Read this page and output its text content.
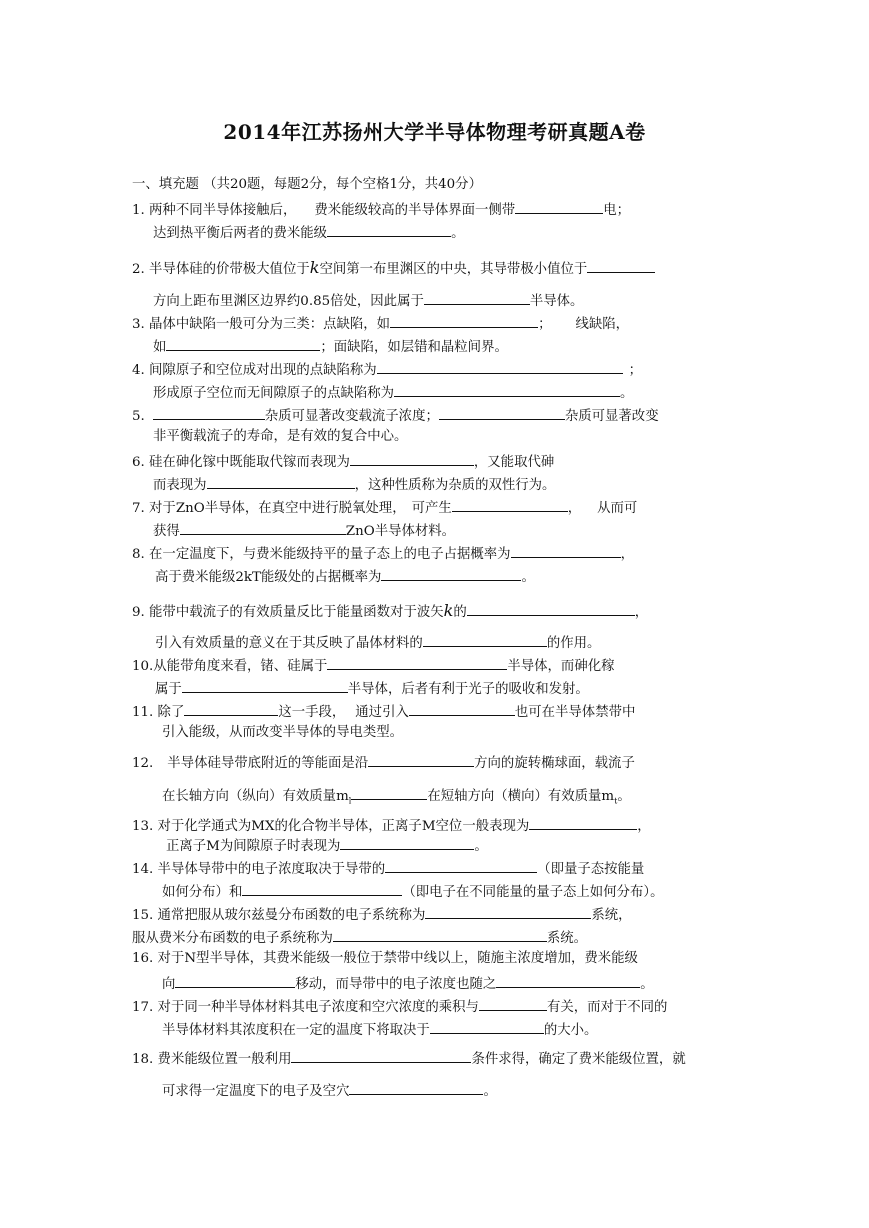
2014年江苏扬州大学半导体物理考研真题A卷
一、填充题 （共20题，每题2分，每个空格1分，共40分）
1. 两种不同半导体接触后， 费米能级较高的半导体界面一侧带	电；
达到热平衡后两者的费米能级	。
2. 半导体硅的价带极大值位于k空间第一布里渊区的中央，其导带极小值位于
方向上距布里渊区边界约0.85倍处，因此属于	半导体。
3. 晶体中缺陷一般可分为三类：点缺陷，如	； 线缺陷，
如	；面缺陷，如层错和晶粒间界。
4. 间隙原子和空位成对出现的点缺陷称为	；
形成原子空位而无间隙原子的点缺陷称为	。
5.	杂质可显著改变载流子浓度；	杂质可显著改变
非平衡载流子的寿命，是有效的复合中心。
6. 硅在砷化镓中既能取代镓而表现为	，又能取代砷
而表现为	，这种性质称为杂质的双性行为。
7. 对于ZnO半导体，在真空中进行脱氧处理， 可产生	， 从而可
获得	ZnO半导体材料。
8. 在一定温度下，与费米能级持平的量子态上的电子占据概率为	，
高于费米能级2kT能级处的占据概率为	。
9. 能带中载流子的有效质量反比于能量函数对于波矢k的	，
引入有效质量的意义在于其反映了晶体材料的	的作用。
10.从能带角度来看，锗、硅属于	半导体，而砷化稼
属于	半导体，后者有利于光子的吸收和发射。
11. 除了	这一手段， 通过引入	也可在半导体禁带中
引入能级，从而改变半导体的导电类型。
12. 半导体硅导带底附近的等能面是沿	方向的旋转椭球面，载流子
在长轴方向（纵向）有效质量$m_l$	在短轴方向（横向）有效质量$m_t$。
13. 对于化学通式为MX的化合物半导体，正离子M空位一般表现为	，
正离子M为间隙原子时表现为	。
14. 半导体导带中的电子浓度取决于导带的	（即量子态按能量
如何分布）和	（即电子在不同能量的量子态上如何分布）。
15. 通常把服从玻尔兹曼分布函数的电子系统称为	系统，
服从费米分布函数的电子系统称为	系统。
16. 对于N型半导体，其费米能级一般位于禁带中线以上，随施主浓度增加，费米能级
向	移动，而导带中的电子浓度也随之	。
17. 对于同一种半导体材料其电子浓度和空穴浓度的乘积与	有关，而对于不同的
半导体材料其浓度积在一定的温度下将取决于	的大小。
18. 费米能级位置一般利用	条件求得，确定了费米能级位置，就
可求得一定温度下的电子及空穴	。
